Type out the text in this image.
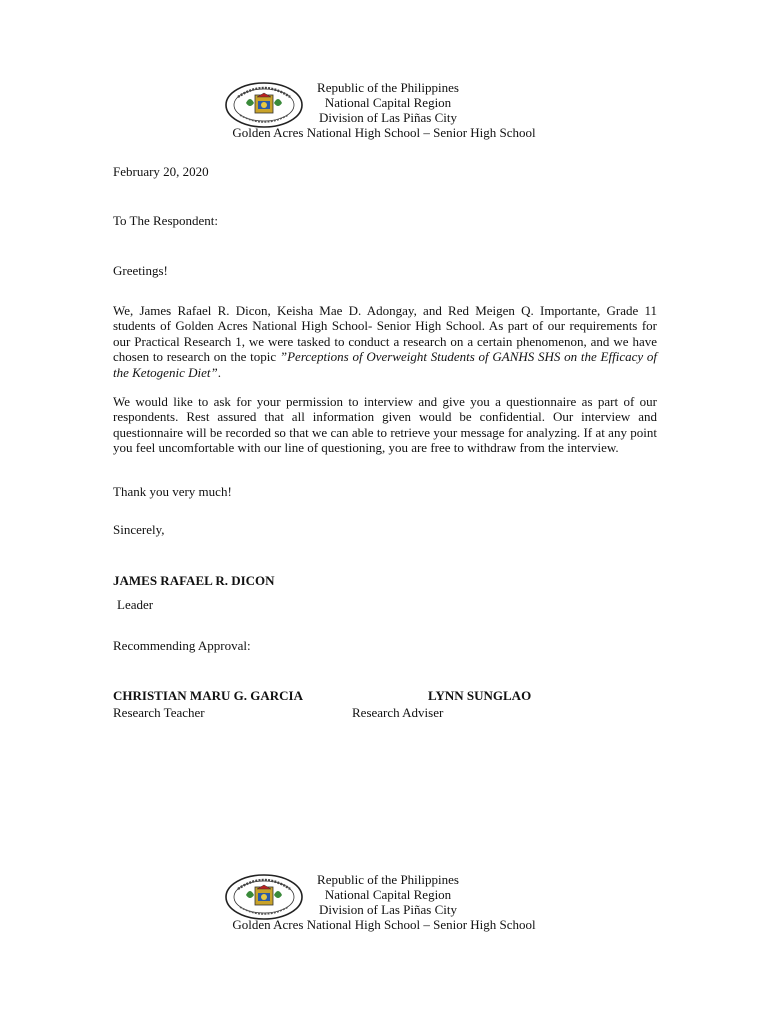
Republic of the Philippines
National Capital Region
Division of Las Piñas City
Golden Acres National High School – Senior High School
February 20, 2020
To The Respondent:
Greetings!
We, James Rafael R. Dicon, Keisha Mae D. Adongay, and Red Meigen Q. Importante, Grade 11 students of Golden Acres National High School- Senior High School. As part of our requirements for our Practical Research 1, we were tasked to conduct a research on a certain phenomenon, and we have chosen to research on the topic ”Perceptions of Overweight Students of GANHS SHS on the Efficacy of the Ketogenic Diet”.
We would like to ask for your permission to interview and give you a questionnaire as part of our respondents. Rest assured that all information given would be confidential. Our interview and questionnaire will be recorded so that we can able to retrieve your message for analyzing. If at any point you feel uncomfortable with our line of questioning, you are free to withdraw from the interview.
Thank you very much!
Sincerely,
JAMES RAFAEL R. DICON
Leader
Recommending Approval:
CHRISTIAN MARU G. GARCIA
Research Teacher
LYNN SUNGLAO
Research Adviser
Republic of the Philippines
National Capital Region
Division of Las Piñas City
Golden Acres National High School – Senior High School
